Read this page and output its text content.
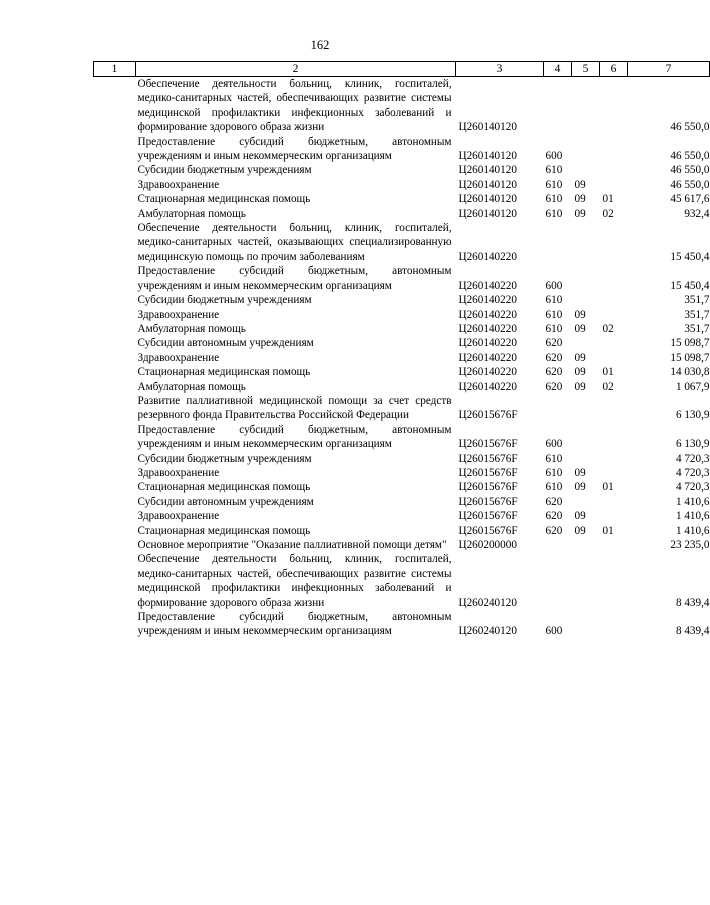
162
1	2	3	4	5	6	7
	Обеспечение деятельности больниц, клиник, госпиталей, медико-санитарных частей, обеспечивающих развитие системы медицинской профилактики инфекционных заболеваний и формирование здорового образа жизни	Ц260140120				46 550,0
	Предоставление субсидий бюджетным, автономным учреждениям и иным некоммерческим организациям	Ц260140120	600			46 550,0
	Субсидии бюджетным учреждениям	Ц260140120	610			46 550,0
	Здравоохранение	Ц260140120	610	09		46 550,0
	Стационарная медицинская помощь	Ц260140120	610	09	01	45 617,6
	Амбулаторная помощь	Ц260140120	610	09	02	932,4
	Обеспечение деятельности больниц, клиник, госпиталей, медико-санитарных частей, оказывающих специализированную медицинскую помощь по прочим заболеваниям	Ц260140220				15 450,4
	Предоставление субсидий бюджетным, автономным учреждениям и иным некоммерческим организациям	Ц260140220	600			15 450,4
	Субсидии бюджетным учреждениям	Ц260140220	610			351,7
	Здравоохранение	Ц260140220	610	09		351,7
	Амбулаторная помощь	Ц260140220	610	09	02	351,7
	Субсидии автономным учреждениям	Ц260140220	620			15 098,7
	Здравоохранение	Ц260140220	620	09		15 098,7
	Стационарная медицинская помощь	Ц260140220	620	09	01	14 030,8
	Амбулаторная помощь	Ц260140220	620	09	02	1 067,9
	Развитие паллиативной медицинской помощи за счет средств резервного фонда Правительства Российской Федерации	Ц26015676F				6 130,9
	Предоставление субсидий бюджетным, автономным учреждениям и иным некоммерческим организациям	Ц26015676F	600			6 130,9
	Субсидии бюджетным учреждениям	Ц26015676F	610			4 720,3
	Здравоохранение	Ц26015676F	610	09		4 720,3
	Стационарная медицинская помощь	Ц26015676F	610	09	01	4 720,3
	Субсидии автономным учреждениям	Ц26015676F	620			1 410,6
	Здравоохранение	Ц26015676F	620	09		1 410,6
	Стационарная медицинская помощь	Ц26015676F	620	09	01	1 410,6
	Основное мероприятие "Оказание паллиативной помощи детям"	Ц260200000				23 235,0
	Обеспечение деятельности больниц, клиник, госпиталей, медико-санитарных частей, обеспечивающих развитие системы медицинской профилактики инфекционных заболеваний и формирование здорового образа жизни	Ц260240120				8 439,4
	Предоставление субсидий бюджетным, автономным учреждениям и иным некоммерческим организациям	Ц260240120	600			8 439,4
